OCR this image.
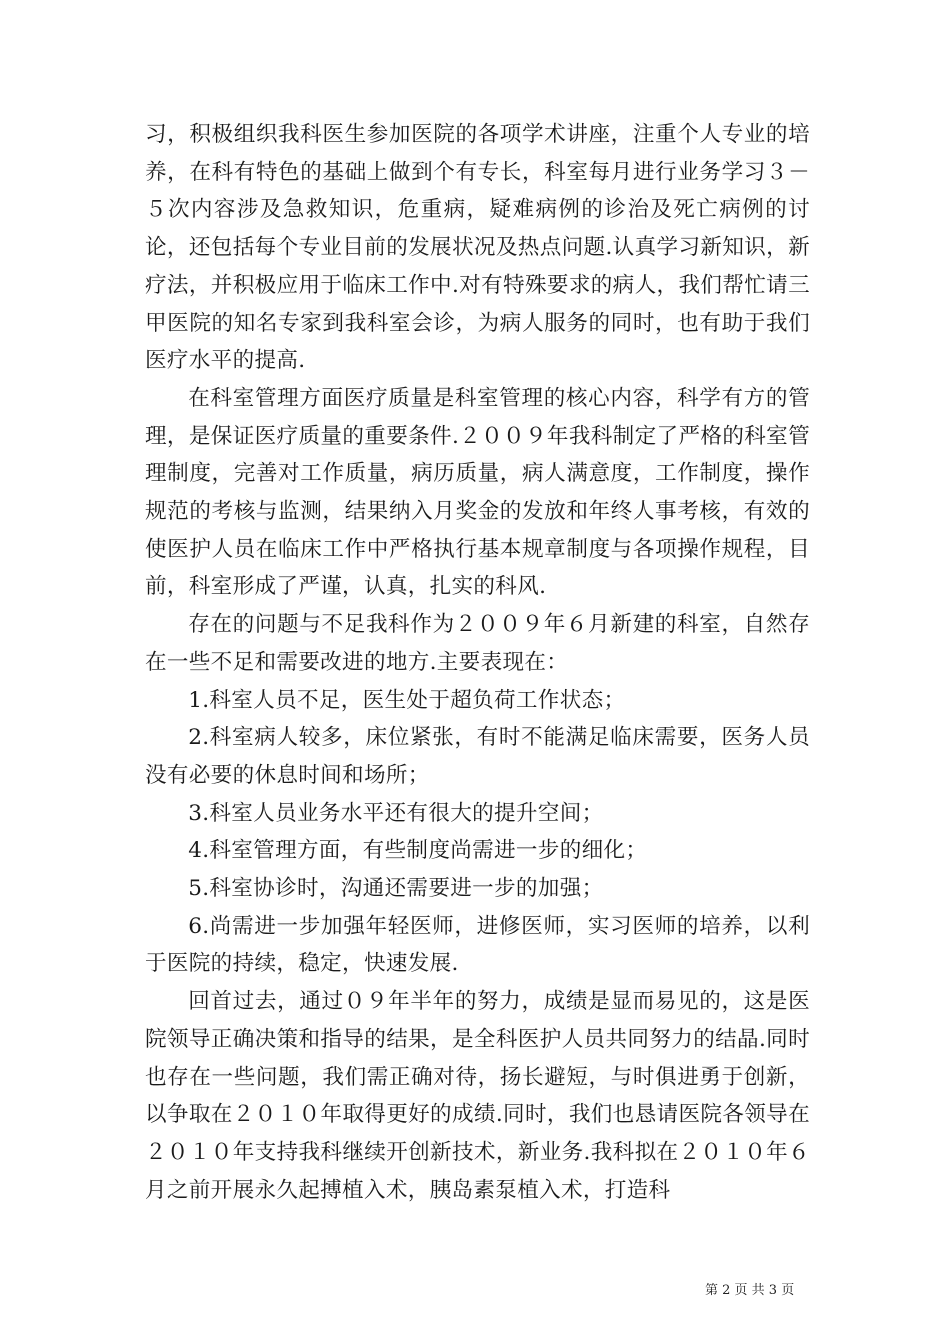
习，积极组织我科医生参加医院的各项学术讲座，注重个人专业的培养，在科有特色的基础上做到个有专长，科室每月进行业务学习３－５次内容涉及急救知识，危重病，疑难病例的诊治及死亡病例的讨论，还包括每个专业目前的发展状况及热点问题.认真学习新知识，新疗法，并积极应用于临床工作中.对有特殊要求的病人，我们帮忙请三甲医院的知名专家到我科室会诊，为病人服务的同时，也有助于我们医疗水平的提高.

在科室管理方面医疗质量是科室管理的核心内容，科学有方的管理，是保证医疗质量的重要条件.２００９年我科制定了严格的科室管理制度，完善对工作质量，病历质量，病人满意度，工作制度，操作规范的考核与监测，结果纳入月奖金的发放和年终人事考核，有效的使医护人员在临床工作中严格执行基本规章制度与各项操作规程，目前，科室形成了严谨，认真，扎实的科风.

存在的问题与不足我科作为２００９年６月新建的科室，自然存在一些不足和需要改进的地方.主要表现在：

1.科室人员不足，医生处于超负荷工作状态；

2.科室病人较多，床位紧张，有时不能满足临床需要，医务人员没有必要的休息时间和场所；

3.科室人员业务水平还有很大的提升空间；

4.科室管理方面，有些制度尚需进一步的细化；

5.科室协诊时，沟通还需要进一步的加强；

6.尚需进一步加强年轻医师，进修医师，实习医师的培养，以利于医院的持续，稳定，快速发展.

回首过去，通过０９年半年的努力，成绩是显而易见的，这是医院领导正确决策和指导的结果，是全科医护人员共同努力的结晶.同时也存在一些问题，我们需正确对待，扬长避短，与时俱进勇于创新，以争取在２０１０年取得更好的成绩.同时，我们也恳请医院各领导在２０１０年支持我科继续开创新技术，新业务.我科拟在２０１０年６月之前开展永久起搏植入术，胰岛素泵植入术，打造科

第 2 页 共 3 页
